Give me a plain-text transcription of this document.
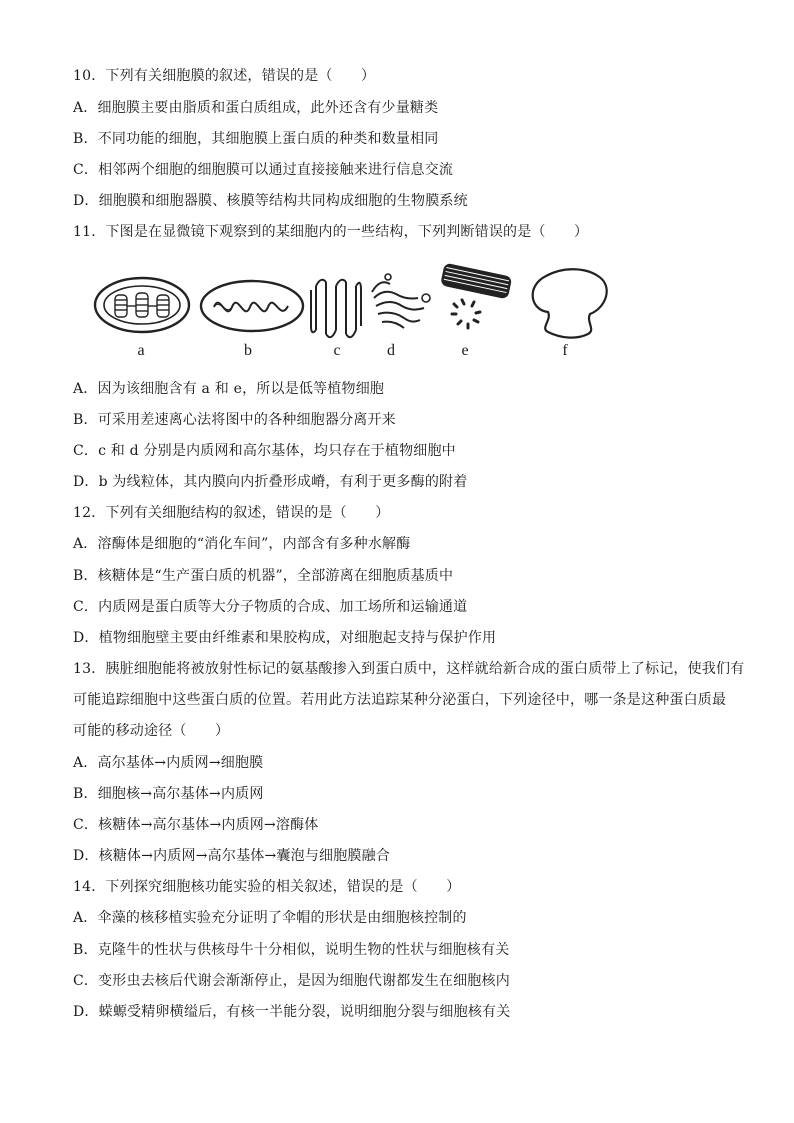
10．下列有关细胞膜的叙述，错误的是（　　）
A．细胞膜主要由脂质和蛋白质组成，此外还含有少量糖类
B．不同功能的细胞，其细胞膜上蛋白质的种类和数量相同
C．相邻两个细胞的细胞膜可以通过直接接触来进行信息交流
D．细胞膜和细胞器膜、核膜等结构共同构成细胞的生物膜系统
11．下图是在显微镜下观察到的某细胞内的一些结构，下列判断错误的是（　　）
a	b	c	d	e	f
A．因为该细胞含有 a 和 e，所以是低等植物细胞
B．可采用差速离心法将图中的各种细胞器分离开来
C．c 和 d 分别是内质网和高尔基体，均只存在于植物细胞中
D．b 为线粒体，其内膜向内折叠形成嵴，有利于更多酶的附着
12．下列有关细胞结构的叙述，错误的是（　　）
A．溶酶体是细胞的“消化车间”，内部含有多种水解酶
B．核糖体是“生产蛋白质的机器”，全部游离在细胞质基质中
C．内质网是蛋白质等大分子物质的合成、加工场所和运输通道
D．植物细胞壁主要由纤维素和果胶构成，对细胞起支持与保护作用
13．胰脏细胞能将被放射性标记的氨基酸掺入到蛋白质中，这样就给新合成的蛋白质带上了标记，使我们有
可能追踪细胞中这些蛋白质的位置。若用此方法追踪某种分泌蛋白，下列途径中，哪一条是这种蛋白质最
可能的移动途径（　　）
A．高尔基体→内质网→细胞膜
B．细胞核→高尔基体→内质网
C．核糖体→高尔基体→内质网→溶酶体
D．核糖体→内质网→高尔基体→囊泡与细胞膜融合
14．下列探究细胞核功能实验的相关叙述，错误的是（　　）
A．伞藻的核移植实验充分证明了伞帽的形状是由细胞核控制的
B．克隆牛的性状与供核母牛十分相似，说明生物的性状与细胞核有关
C．变形虫去核后代谢会渐渐停止，是因为细胞代谢都发生在细胞核内
D．蝾螈受精卵横缢后，有核一半能分裂，说明细胞分裂与细胞核有关
